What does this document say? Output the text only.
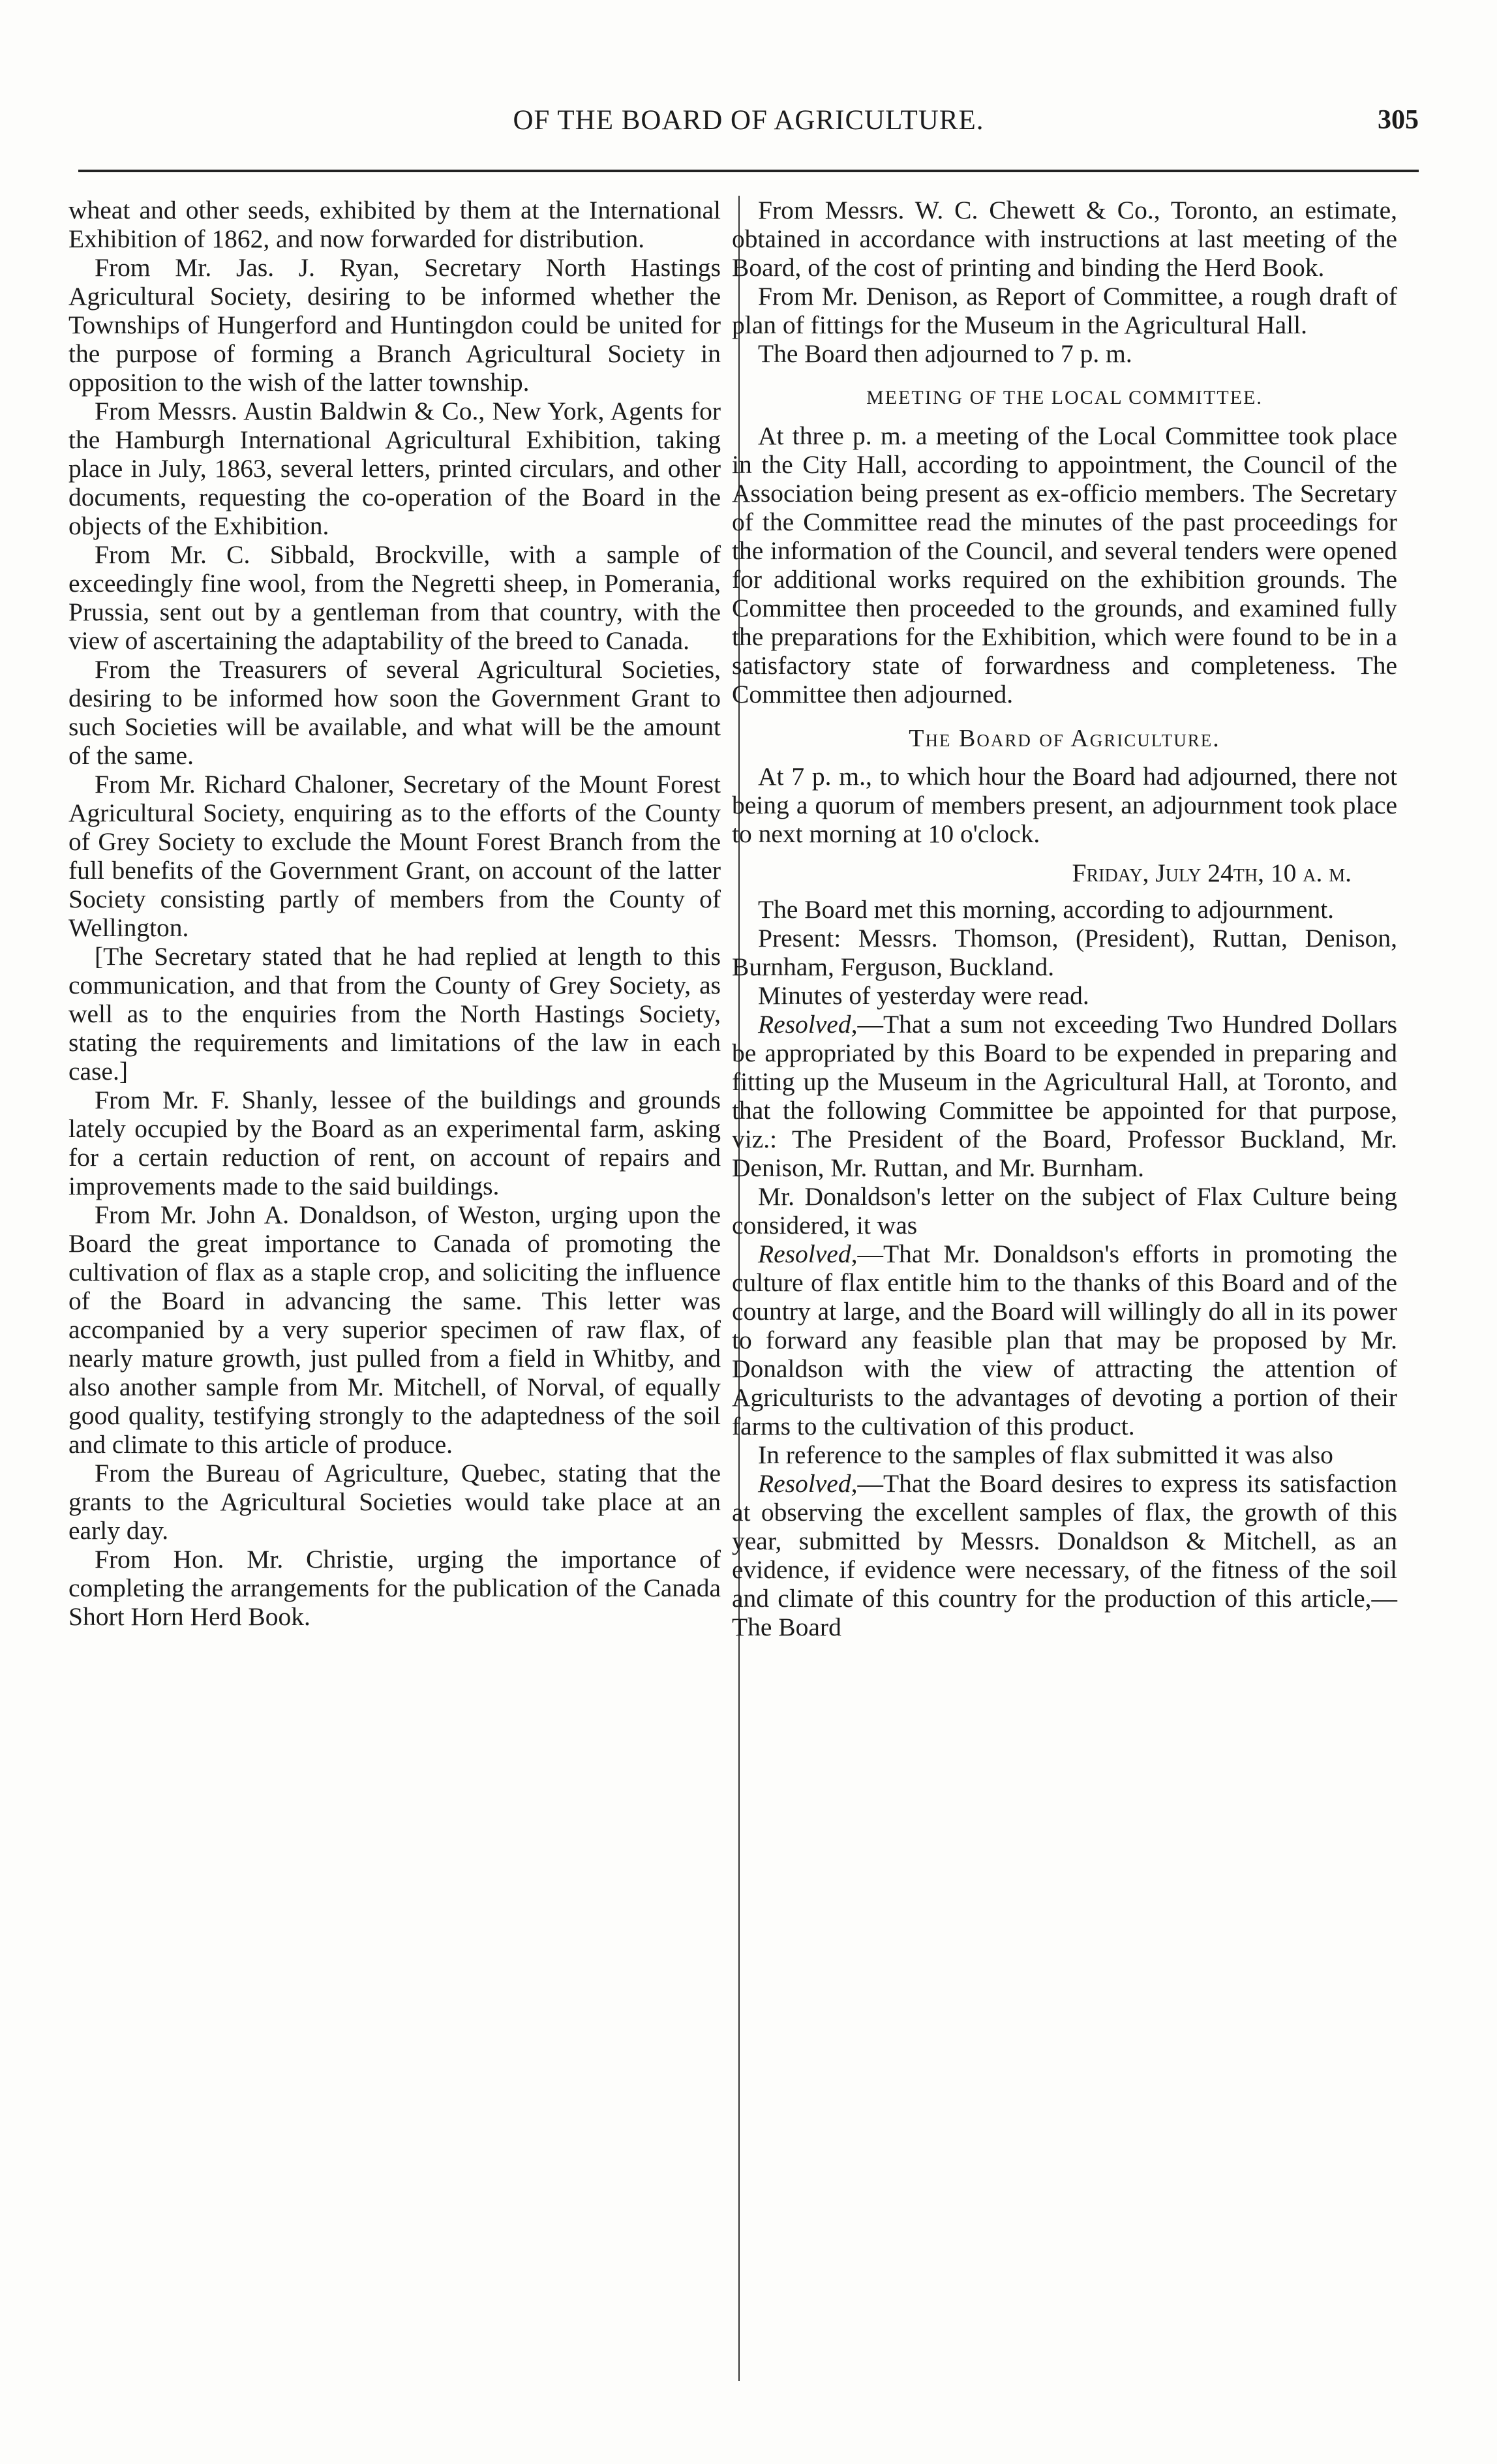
OF THE BOARD OF AGRICULTURE.	305

wheat and other seeds, exhibited by them at the International Exhibition of 1862, and now forwarded for distribution.

From Mr. Jas. J. Ryan, Secretary North Hastings Agricultural Society, desiring to be informed whether the Townships of Hungerford and Huntingdon could be united for the purpose of forming a Branch Agricultural Society in opposition to the wish of the latter township.

From Messrs. Austin Baldwin & Co., New York, Agents for the Hamburgh International Agricultural Exhibition, taking place in July, 1863, several letters, printed circulars, and other documents, requesting the co-operation of the Board in the objects of the Exhibition.

From Mr. C. Sibbald, Brockville, with a sample of exceedingly fine wool, from the Negretti sheep, in Pomerania, Prussia, sent out by a gentleman from that country, with the view of ascertaining the adaptability of the breed to Canada.

From the Treasurers of several Agricultural Societies, desiring to be informed how soon the Government Grant to such Societies will be available, and what will be the amount of the same.

From Mr. Richard Chaloner, Secretary of the Mount Forest Agricultural Society, enquiring as to the efforts of the County of Grey Society to exclude the Mount Forest Branch from the full benefits of the Government Grant, on account of the latter Society consisting partly of members from the County of Wellington.

[The Secretary stated that he had replied at length to this communication, and that from the County of Grey Society, as well as to the enquiries from the North Hastings Society, stating the requirements and limitations of the law in each case.]

From Mr. F. Shanly, lessee of the buildings and grounds lately occupied by the Board as an experimental farm, asking for a certain reduction of rent, on account of repairs and improvements made to the said buildings.

From Mr. John A. Donaldson, of Weston, urging upon the Board the great importance to Canada of promoting the cultivation of flax as a staple crop, and soliciting the influence of the Board in advancing the same. This letter was accompanied by a very superior specimen of raw flax, of nearly mature growth, just pulled from a field in Whitby, and also another sample from Mr. Mitchell, of Norval, of equally good quality, testifying strongly to the adaptedness of the soil and climate to this article of produce.

From the Bureau of Agriculture, Quebec, stating that the grants to the Agricultural Societies would take place at an early day.

From Hon. Mr. Christie, urging the importance of completing the arrangements for the publication of the Canada Short Horn Herd Book.

From Messrs. W. C. Chewett & Co., Toronto, an estimate, obtained in accordance with instructions at last meeting of the Board, of the cost of printing and binding the Herd Book.

From Mr. Denison, as Report of Committee, a rough draft of plan of fittings for the Museum in the Agricultural Hall.

The Board then adjourned to 7 p. m.

MEETING OF THE LOCAL COMMITTEE.

At three p. m. a meeting of the Local Committee took place in the City Hall, according to appointment, the Council of the Association being present as ex-officio members. The Secretary of the Committee read the minutes of the past proceedings for the information of the Council, and several tenders were opened for additional works required on the exhibition grounds. The Committee then proceeded to the grounds, and examined fully the preparations for the Exhibition, which were found to be in a satisfactory state of forwardness and completeness. The Committee then adjourned.

The Board of Agriculture.

At 7 p. m., to which hour the Board had adjourned, there not being a quorum of members present, an adjournment took place to next morning at 10 o'clock.

Friday, July 24th, 10 a. m.

The Board met this morning, according to adjournment.

Present: Messrs. Thomson, (President), Ruttan, Denison, Burnham, Ferguson, Buckland.

Minutes of yesterday were read.

Resolved,—That a sum not exceeding Two Hundred Dollars be appropriated by this Board to be expended in preparing and fitting up the Museum in the Agricultural Hall, at Toronto, and that the following Committee be appointed for that purpose, viz.: The President of the Board, Professor Buckland, Mr. Denison, Mr. Ruttan, and Mr. Burnham.

Mr. Donaldson's letter on the subject of Flax Culture being considered, it was

Resolved,—That Mr. Donaldson's efforts in promoting the culture of flax entitle him to the thanks of this Board and of the country at large, and the Board will willingly do all in its power to forward any feasible plan that may be proposed by Mr. Donaldson with the view of attracting the attention of Agriculturists to the advantages of devoting a portion of their farms to the cultivation of this product.

In reference to the samples of flax submitted it was also

Resolved,—That the Board desires to express its satisfaction at observing the excellent samples of flax, the growth of this year, submitted by Messrs. Donaldson & Mitchell, as an evidence, if evidence were necessary, of the fitness of the soil and climate of this country for the production of this article,—The Board
